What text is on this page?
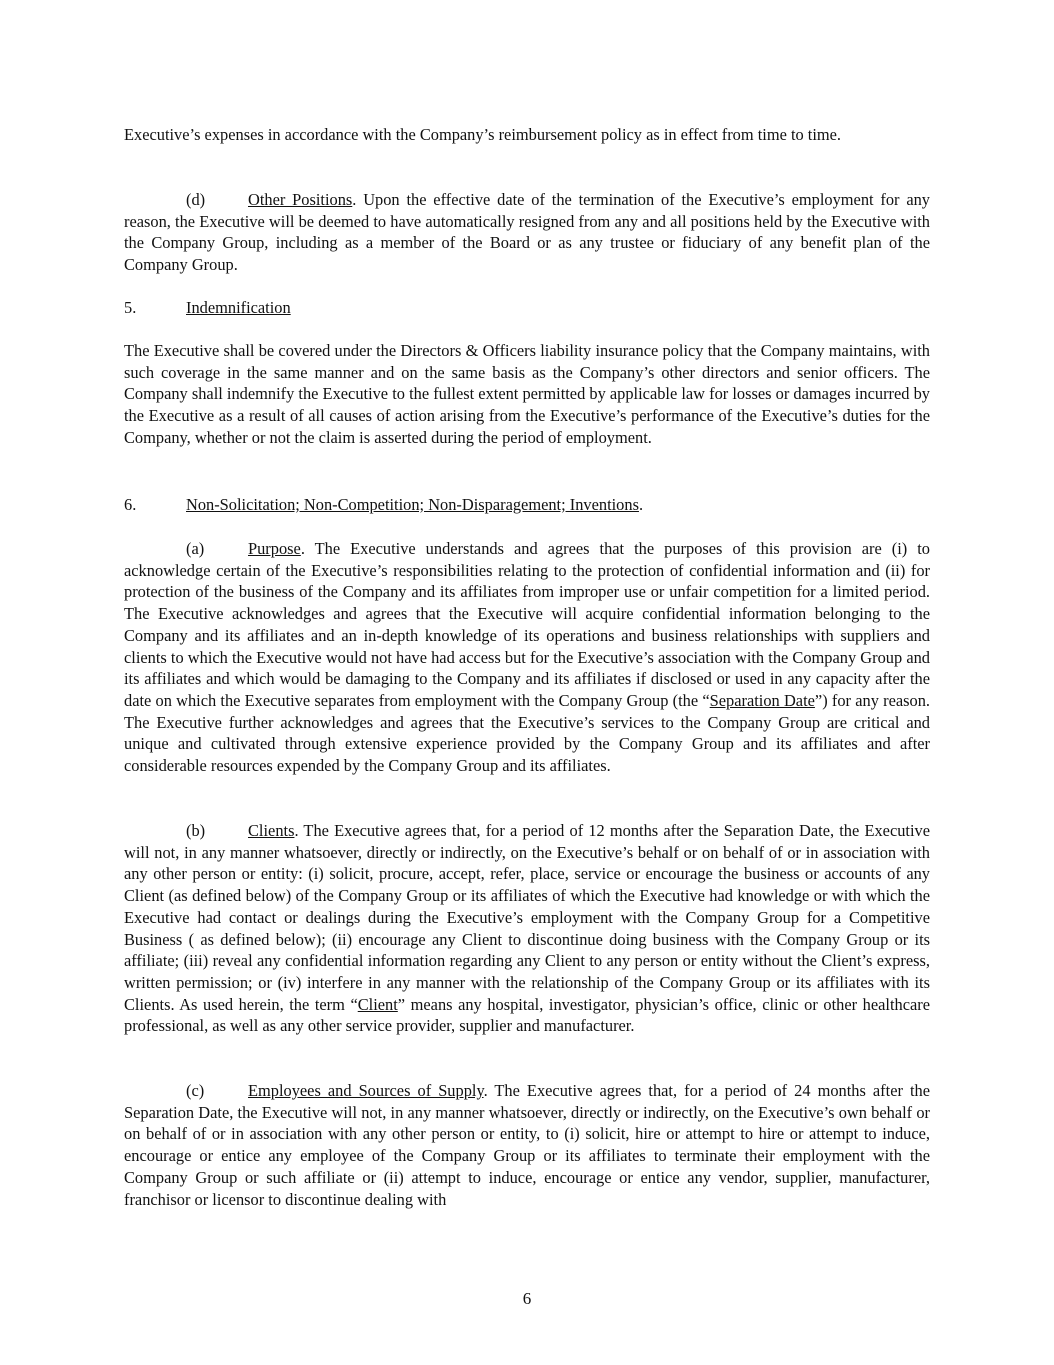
Executive’s expenses in accordance with the Company’s reimbursement policy as in effect from time to time.

(d)	Other Positions. Upon the effective date of the termination of the Executive’s employment for any reason, the Executive will be deemed to have automatically resigned from any and all positions held by the Executive with the Company Group, including as a member of the Board or as any trustee or fiduciary of any benefit plan of the Company Group.

5.	Indemnification

The Executive shall be covered under the Directors & Officers liability insurance policy that the Company maintains, with such coverage in the same manner and on the same basis as the Company’s other directors and senior officers. The Company shall indemnify the Executive to the fullest extent permitted by applicable law for losses or damages incurred by the Executive as a result of all causes of action arising from the Executive’s performance of the Executive’s duties for the Company, whether or not the claim is asserted during the period of employment.

6.	Non-Solicitation; Non-Competition; Non-Disparagement; Inventions.

(a)	Purpose. The Executive understands and agrees that the purposes of this provision are (i) to acknowledge certain of the Executive’s responsibilities relating to the protection of confidential information and (ii) for protection of the business of the Company and its affiliates from improper use or unfair competition for a limited period. The Executive acknowledges and agrees that the Executive will acquire confidential information belonging to the Company and its affiliates and an in-depth knowledge of its operations and business relationships with suppliers and clients to which the Executive would not have had access but for the Executive’s association with the Company Group and its affiliates and which would be damaging to the Company and its affiliates if disclosed or used in any capacity after the date on which the Executive separates from employment with the Company Group (the “Separation Date”) for any reason. The Executive further acknowledges and agrees that the Executive’s services to the Company Group are critical and unique and cultivated through extensive experience provided by the Company Group and its affiliates and after considerable resources expended by the Company Group and its affiliates.

(b)	Clients. The Executive agrees that, for a period of 12 months after the Separation Date, the Executive will not, in any manner whatsoever, directly or indirectly, on the Executive’s behalf or on behalf of or in association with any other person or entity: (i) solicit, procure, accept, refer, place, service or encourage the business or accounts of any Client (as defined below) of the Company Group or its affiliates of which the Executive had knowledge or with which the Executive had contact or dealings during the Executive’s employment with the Company Group for a Competitive Business ( as defined below); (ii) encourage any Client to discontinue doing business with the Company Group or its affiliate; (iii) reveal any confidential information regarding any Client to any person or entity without the Client’s express, written permission; or (iv) interfere in any manner with the relationship of the Company Group or its affiliates with its Clients. As used herein, the term “Client” means any hospital, investigator, physician’s office, clinic or other healthcare professional, as well as any other service provider, supplier and manufacturer.

(c)	Employees and Sources of Supply. The Executive agrees that, for a period of 24 months after the Separation Date, the Executive will not, in any manner whatsoever, directly or indirectly, on the Executive’s own behalf or on behalf of or in association with any other person or entity, to (i) solicit, hire or attempt to hire or attempt to induce, encourage or entice any employee of the Company Group or its affiliates to terminate their employment with the Company Group or such affiliate or (ii) attempt to induce, encourage or entice any vendor, supplier, manufacturer, franchisor or licensor to discontinue dealing with

6
